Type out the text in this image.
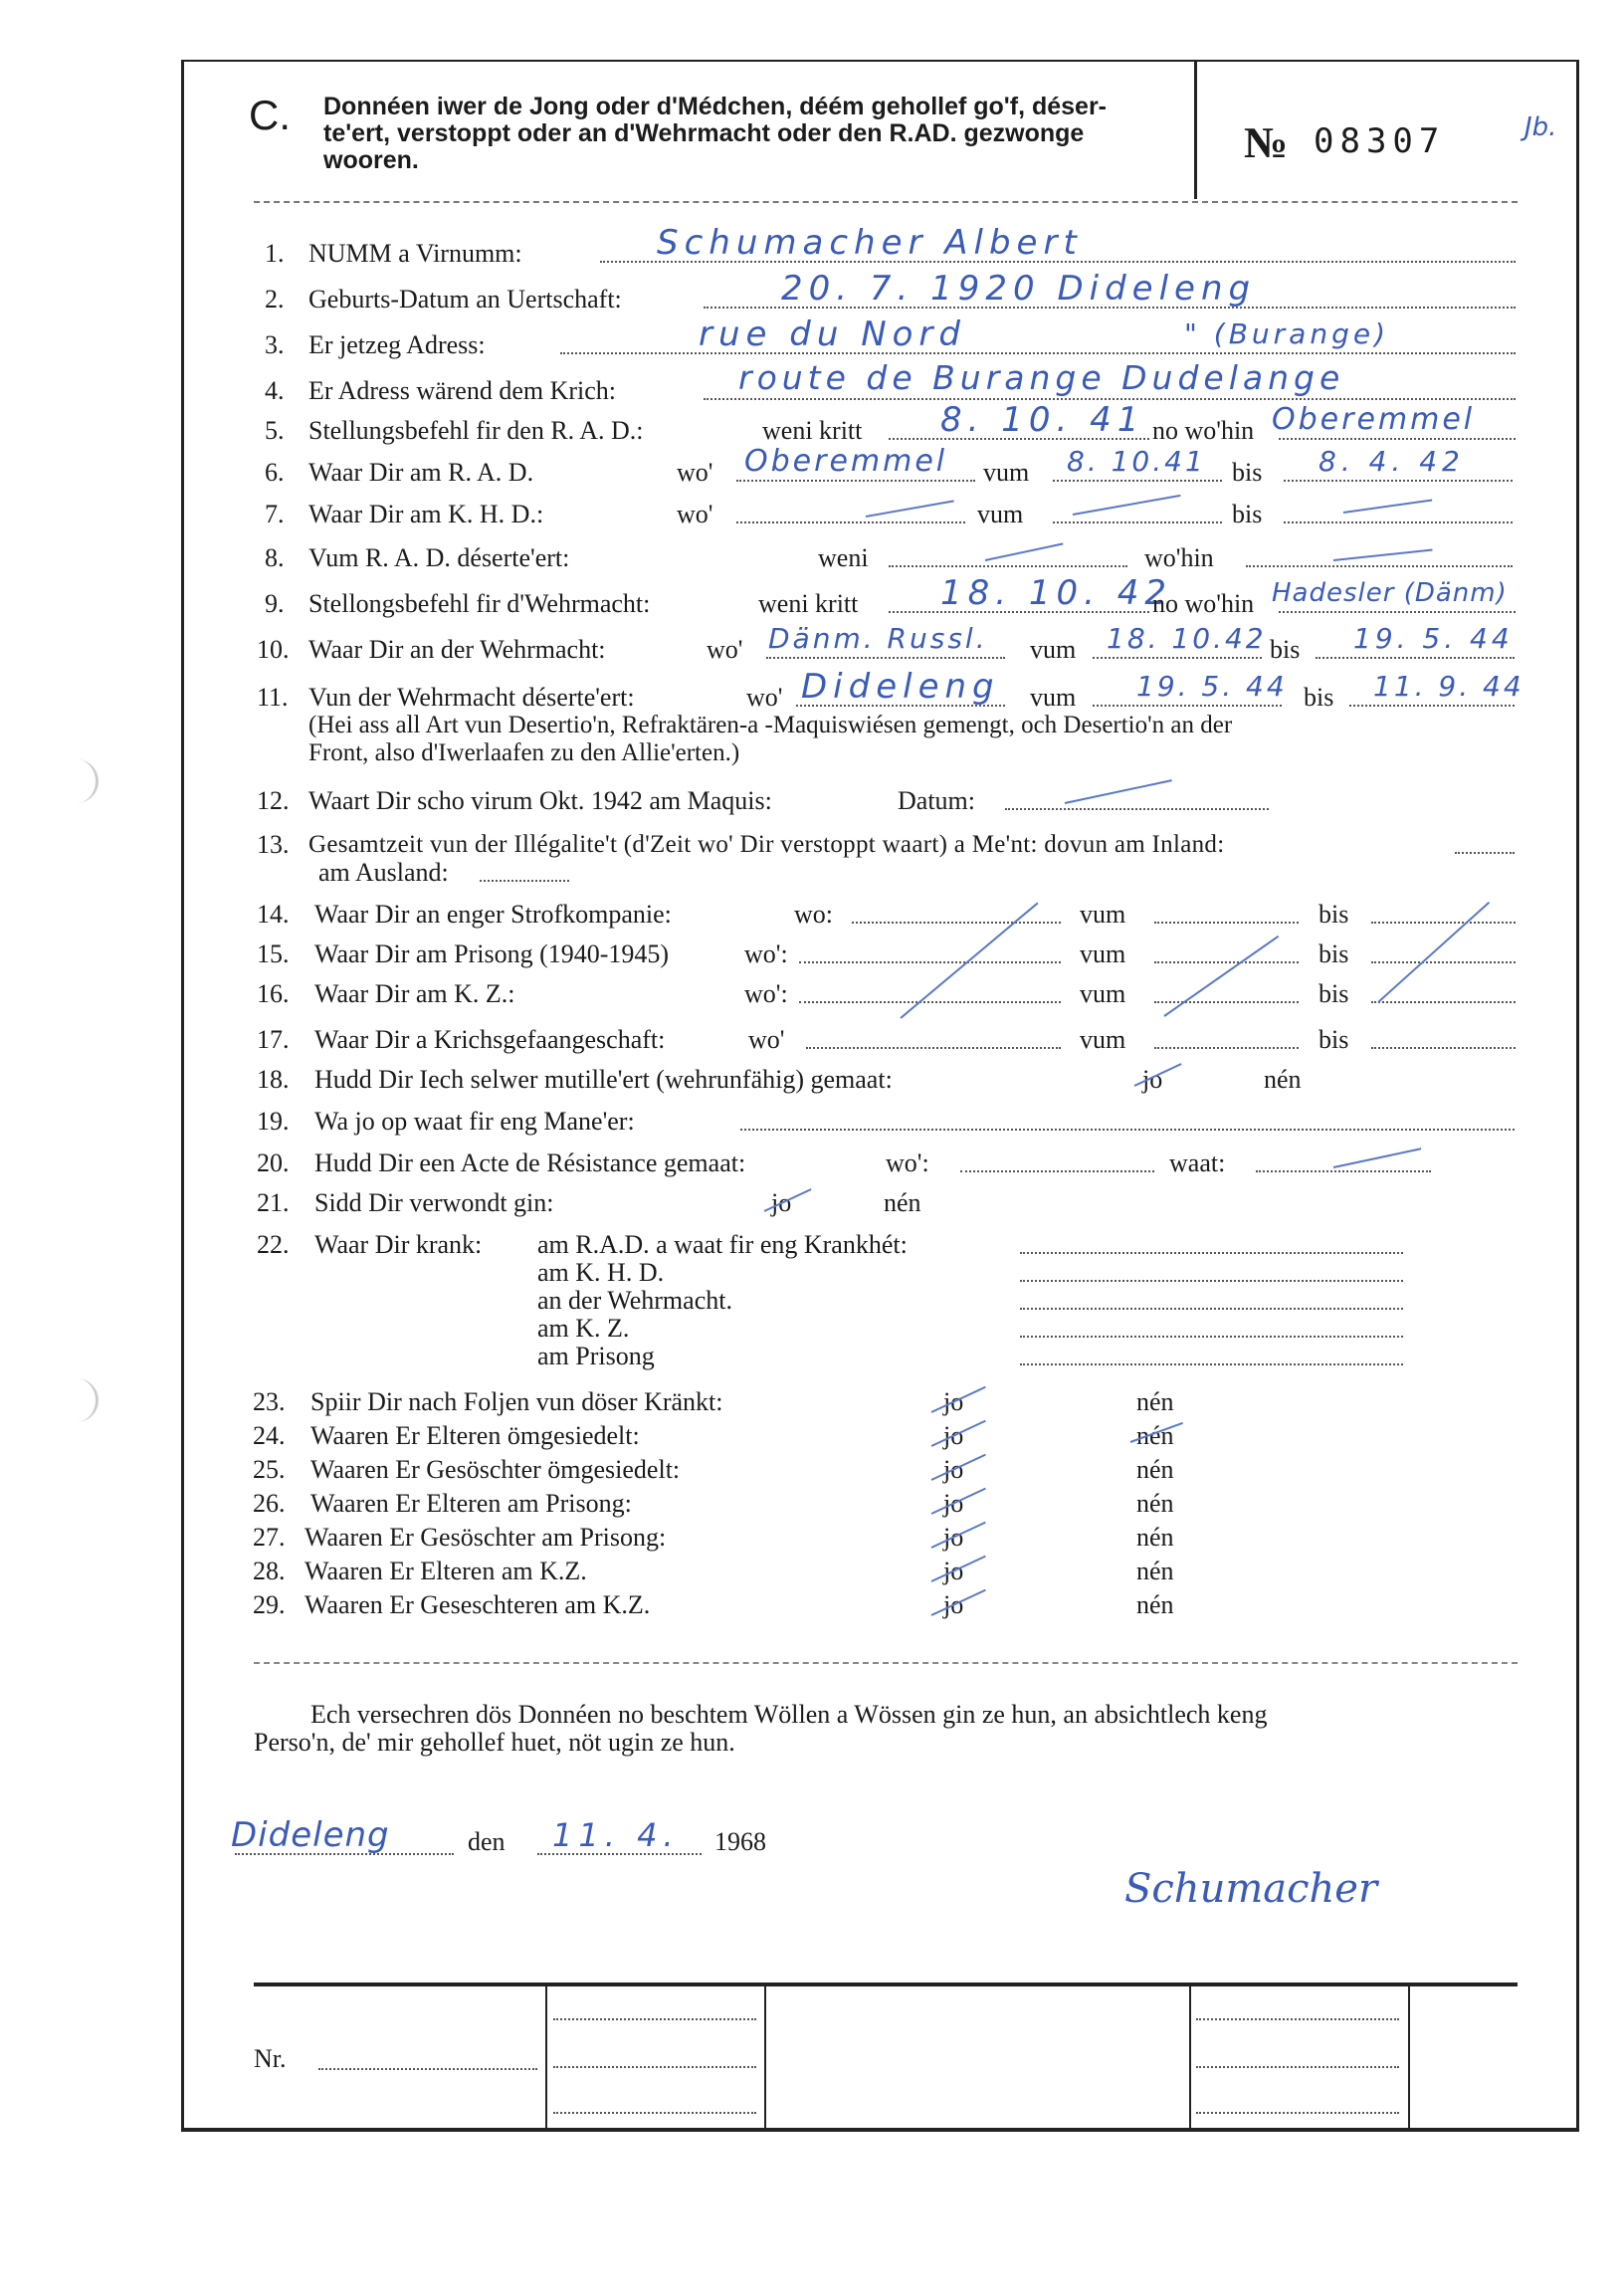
C. Donnéen iwer de Jong oder d'Médchen, déém gehollef go'f, déser-
te'ert, verstoppt oder an d'Wehrmacht oder den R.AD. gezwonge
wooren.	№ 08307	Jb.
1. NUMM a Virnumm:	Schumacher Albert
2. Geburts-Datum an Uertschaft:	20. 7. 1920 Dideleng
3. Er jetzeg Adress:	rue du Nord	" (Burange)
4. Er Adress wärend dem Krich:	route de Burange Dudelange
5. Stellungsbefehl fir den R. A. D.:	weni kritt 8. 10. 41 no wo'hin Oberemmel
6. Waar Dir am R. A. D.	wo' Oberemmel vum 8. 10.41 bis 8. 4. 42
7. Waar Dir am K. H. D.:	wo'	vum	bis
8. Vum R. A. D. déserte'ert:	weni	wo'hin
9. Stellongsbefehl fir d'Wehrmacht:	weni kritt 18. 10. 42
no wo'hin Hadesler (Dänm)
10. Waar Dir an der Wehrmacht:	wo' Dänm. Russl. vum 18. 10.42 bis 19. 5. 44
11. Vun der Wehrmacht déserte'ert:	wo' Dideleng vum 19. 5. 44 bis 11. 9. 44
(Hei ass all Art vun Desertio'n, Refraktären-a -Maquiswiésen gemengt, och Desertio'n an der
Front, also d'Iwerlaafen zu den Allie'erten.)
12. Waart Dir scho virum Okt. 1942 am Maquis:	Datum:
13. Gesamtzeit vun der Illégalite't (d'Zeit wo' Dir verstoppt waart) a Me'nt: dovun am Inland:
am Ausland:
14. Waar Dir an enger Strofkompanie:	wo:	vum	bis
15. Waar Dir am Prisong (1940-1945)	wo':	vum	bis
16. Waar Dir am K. Z.:	wo':	vum	bis
17. Waar Dir a Krichsgefaangeschaft:	wo'	vum	bis
18. Hudd Dir Iech selwer mutille'ert (wehrunfähig) gemaat:	jo	nén
19. Wa jo op waat fir eng Mane'er:
20. Hudd Dir een Acte de Résistance gemaat:	wo':	waat:
21. Sidd Dir verwondt gin:	jo	nén
22. Waar Dir krank: am R.A.D. a waat fir eng Krankhét:
am K. H. D.
an der Wehrmacht.
am K. Z.
am Prisong
23. Spiir Dir nach Foljen vun döser Kränkt:	jo	nén
24. Waaren Er Elteren ömgesiedelt:	jo	nén
25. Waaren Er Gesöschter ömgesiedelt:	jo	nén
26. Waaren Er Elteren am Prisong:	jo	nén
27. Waaren Er Gesöschter am Prisong:	jo	nén
28. Waaren Er Elteren am K.Z.	jo	nén
29. Waaren Er Geseschteren am K.Z.	jo	nén
Ech versechren dös Donnéen no beschtem Wöllen a Wössen gin ze hun, an absichtlech keng
Perso'n, de' mir gehollef huet, nöt ugin ze hun.
Dideleng	den 11. 4. 1968
Schumacher
Nr.
